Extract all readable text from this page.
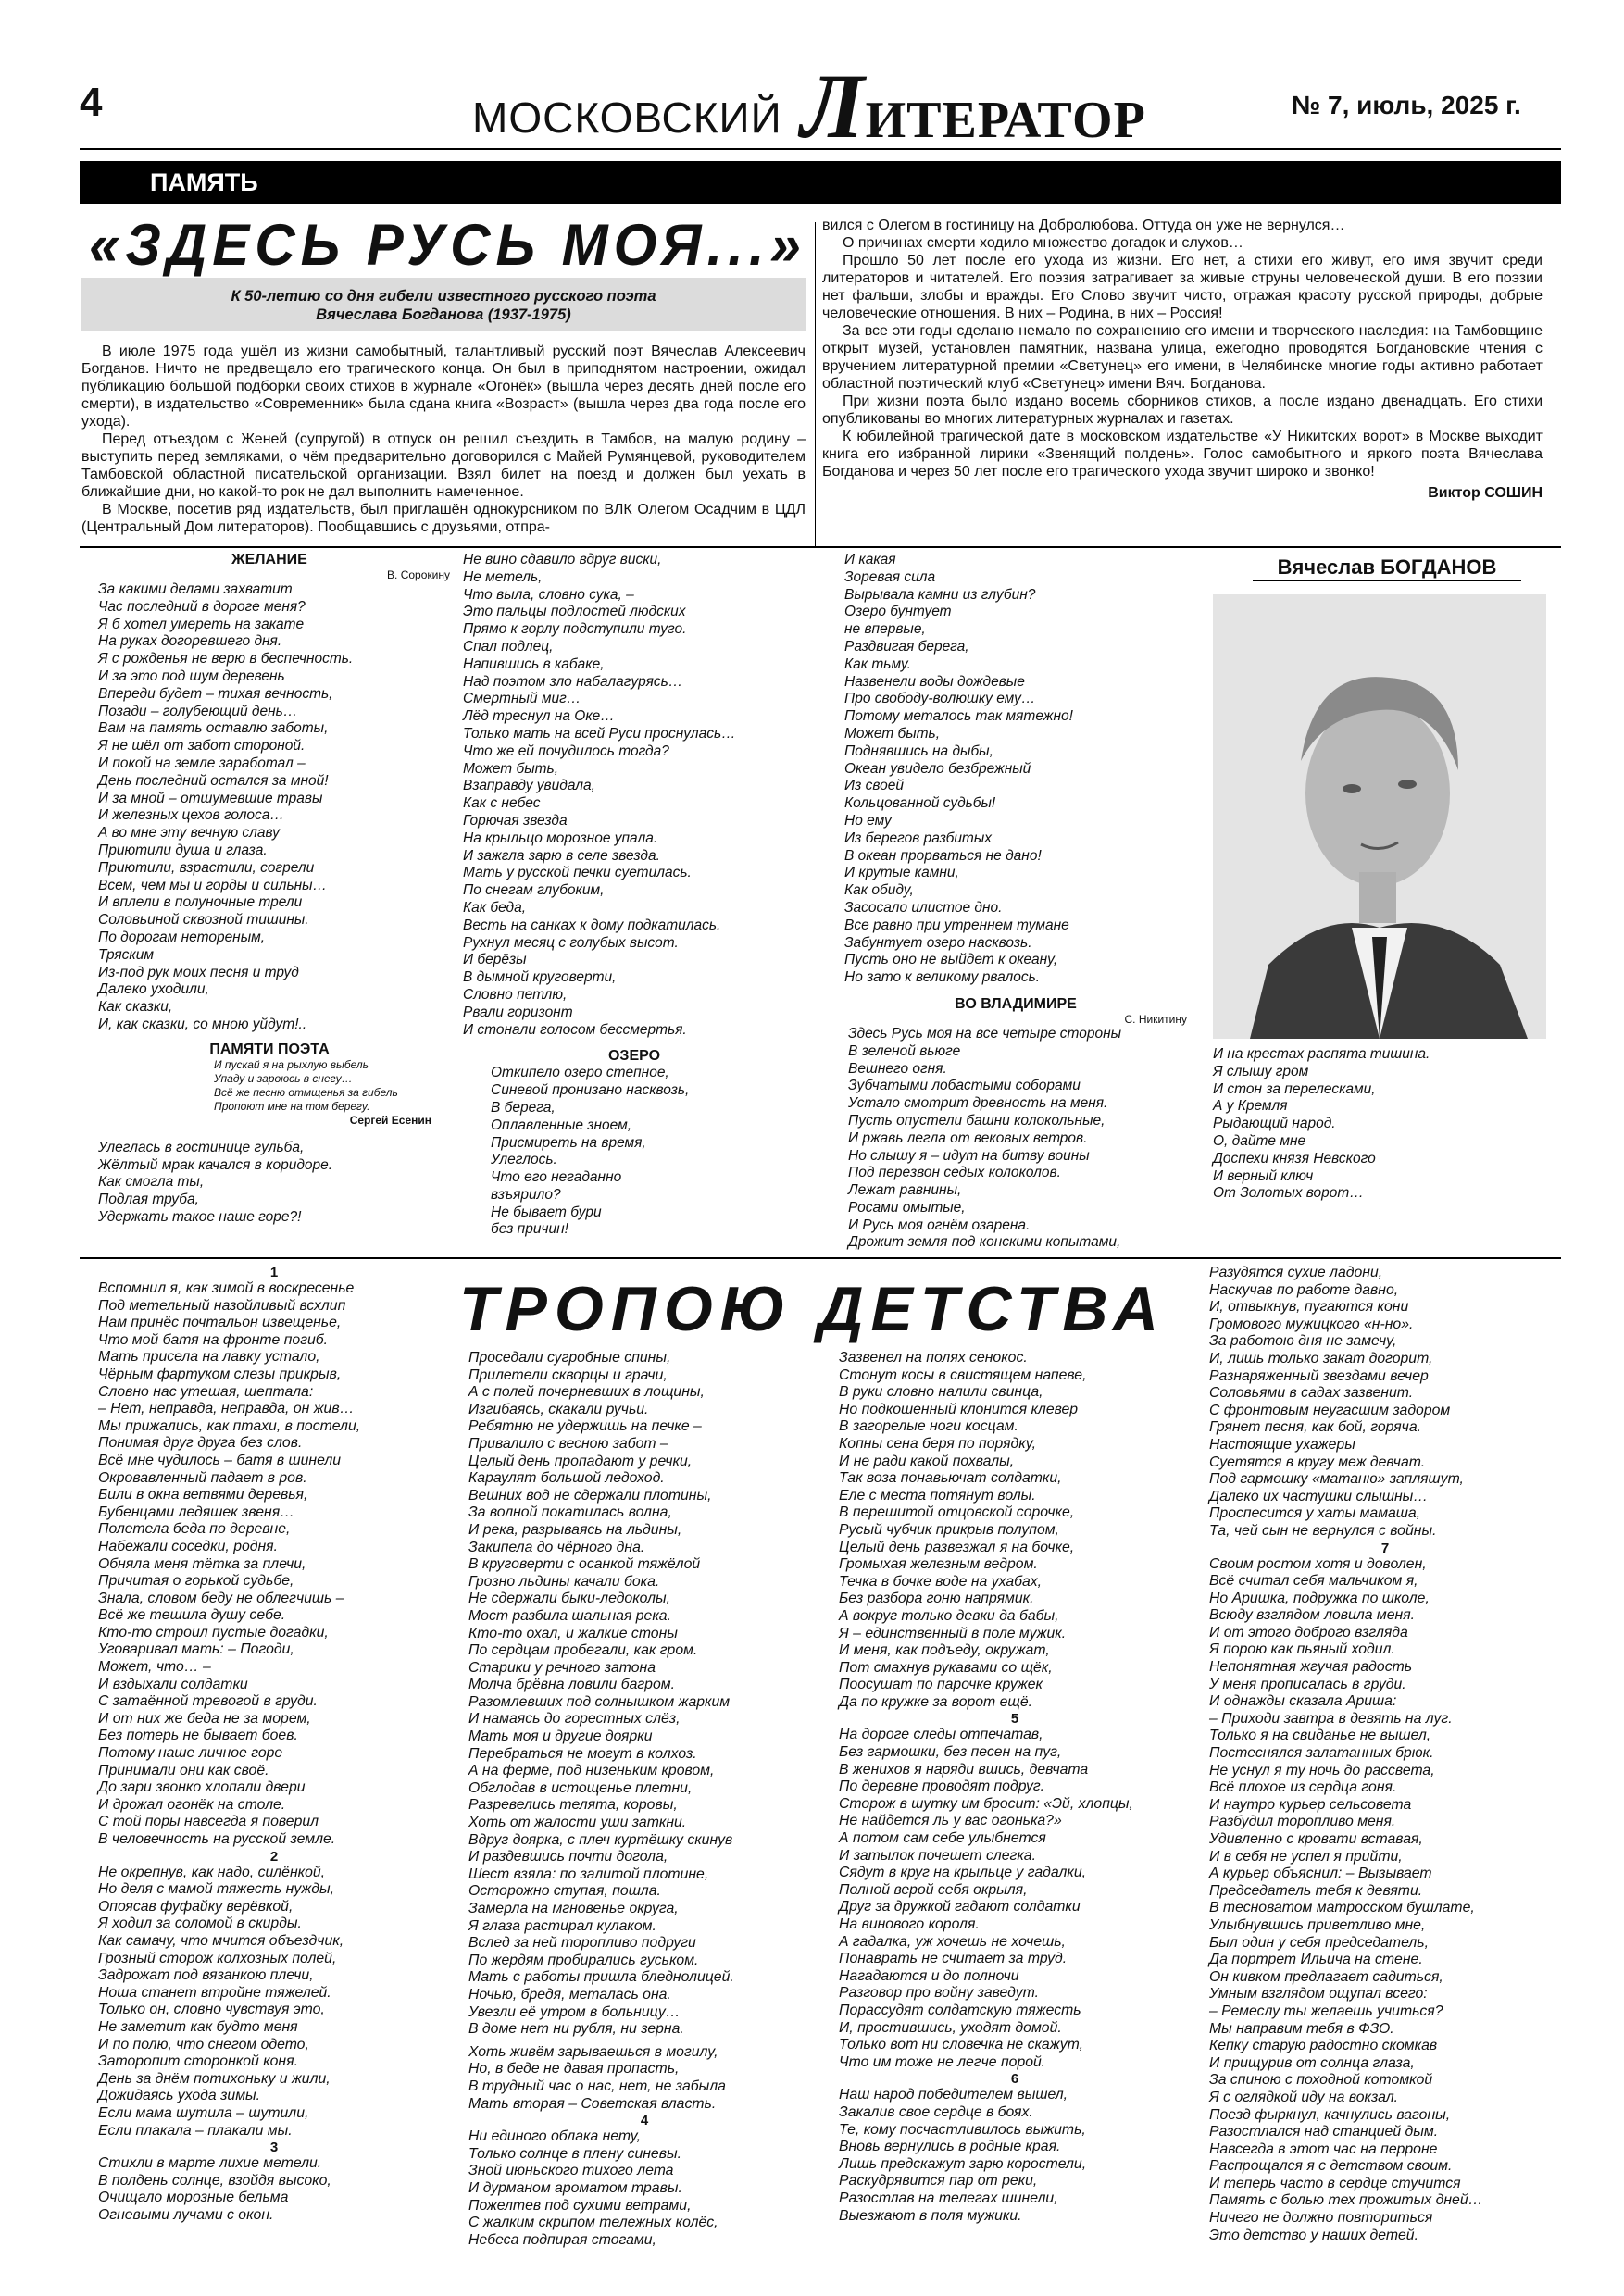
4	МОСКОВСКИЙ ЛИТЕРАТОР	№ 7, июль, 2025 г.
ПАМЯТЬ
«ЗДЕСЬ РУСЬ МОЯ...»
К 50-летию со дня гибели известного русского поэта
Вячеслава Богданова (1937-1975)

В июле 1975 года ушёл из жизни самобытный, талантливый русский поэт Вячеслав Алексеевич Богданов. Ничто не предвещало его трагического конца. Он был в приподнятом настроении, ожидал публикацию большой подборки своих стихов в журнале «Огонёк» (вышла через десять дней после его смерти), в издательство «Современник» была сдана книга «Возраст» (вышла через два года после его ухода).

Перед отъездом с Женей (супругой) в отпуск он решил съездить в Тамбов, на малую родину – выступить перед земляками, о чём предварительно договорился с Майей Румянцевой, руководителем Тамбовской областной писательской организации. Взял билет на поезд и должен был уехать в ближайшие дни, но какой-то рок не дал выполнить намеченное.

В Москве, посетив ряд издательств, был приглашён однокурсником по ВЛК Олегом Осадчим в ЦДЛ (Центральный Дом литераторов). Пообщавшись с друзьями, отпра-

вился с Олегом в гостиницу на Добролюбова. Оттуда он уже не вернулся…

О причинах смерти ходило множество догадок и слухов…

Прошло 50 лет после его ухода из жизни. Его нет, а стихи его живут, его имя звучит среди литераторов и читателей. Его поэзия затрагивает за живые струны человеческой души. В его поэзии нет фальши, злобы и вражды. Его Слово звучит чисто, отражая красоту русской природы, добрые человеческие отношения. В них – Родина, в них – Россия!

За все эти годы сделано немало по сохранению его имени и творческого наследия: на Тамбовщине открыт музей, установлен памятник, названа улица, ежегодно проводятся Богдановские чтения с вручением литературной премии «Светунец» его имени, в Челябинске многие годы активно работает областной поэтический клуб «Светунец» имени Вяч. Богданова.

При жизни поэта было издано восемь сборников стихов, а после издано двенадцать. Его стихи опубликованы во многих литературных журналах и газетах.

К юбилейной трагической дате в московском издательстве «У Никитских ворот» в Москве выходит книга его избранной лирики «Звенящий полдень». Голос самобытного и яркого поэта Вячеслава Богданова и через 50 лет после его трагического ухода звучит широко и звонко!

Виктор СОШИН
ЖЕЛАНИЕ
В. Сорокину
За какими делами захватит
Час последний в дороге меня?
Я б хотел умереть на закате
На руках догоревшего дня.
Я с рожденья не верю в беспечность.
И за это под шум деревень
Впереди будет – тихая вечность,
Позади – голубеющий день…
Вам на память оставлю заботы,
Я не шёл от забот стороной.
И покой на земле заработал –
День последний остался за мной!
И за мной – отшумевшие травы
И железных цехов голоса…
А во мне эту вечную славу
Приютили душа и глаза.
Приютили, взрастили, согрели
Всем, чем мы и горды и сильны…
И вплели в полуночные трели
Соловьиной сквозной тишины.
По дорогам нетореным,
Тряским
Из-под рук моих песня и труд
Далеко уходили,
Как сказки,
И, как сказки, со мною уйдут!..
ПАМЯТИ ПОЭТА
И пускай я на рыхлую выбель
Упаду и зароюсь в снегу…
Всё же песню отмщенья за гибель
Пропоют мне на том берегу.
Сергей Есенин
Улеглась в гостинице гульба,
Жёлтый мрак качался в коридоре.
Как смогла ты,
Подлая труба,
Удержать такое наше горе?!
Не вино сдавило вдруг виски,
Не метель,
Что выла, словно сука, –
Это пальцы подлостей людских
Прямо к горлу подступили туго.
Спал подлец,
Напившись в кабаке,
Над поэтом зло набалагурясь…
Смертный миг…
Лёд треснул на Оке…
Только мать на всей Руси проснулась…
Что же ей почудилось тогда?
Может быть,
Взаправду увидала,
Как с небес
Горючая звезда
На крыльцо морозное упала.
И зажгла зарю в селе звезда.
Мать у русской печки суетилась.
По снегам глубоким,
Как беда,
Весть на санках к дому подкатилась.
Рухнул месяц с голубых высот.
И берёзы
В дымной круговерти,
Словно петлю,
Рвали горизонт
И стонали голосом бессмертья.
ОЗЕРО
Откипело озеро степное,
Синевой пронизано насквозь,
В берега,
Оплавленные зноем,
Присмиреть на время,
Улеглось.
Что его негаданно
взъярило?
Не бывает бури
без причин!
И какая
Зоревая сила
Вырывала камни из глубин?
Озеро бунтует
не впервые,
Раздвигая берега,
Как тьму.
Назвенели воды дождевые
Про свободу-волюшку ему…
Потому металось так мятежно!
Может быть,
Поднявшись на дыбы,
Океан увидело безбрежный
Из своей
Кольцованной судьбы!
Но ему
Из берегов разбитых
В океан прорваться не дано!
И крутые камни,
Как обиду,
Засосало илистое дно.
Все равно при утреннем тумане
Забунтует озеро насквозь.
Пусть оно не выйдет к океану,
Но зато к великому рвалось.
ВО ВЛАДИМИРЕ
С. Никитину
Здесь Русь моя на все четыре стороны
В зеленой вьюге
Вешнего огня.
Зубчатыми лобастыми соборами
Устало смотрит древность на меня.
Пусть опустели башни колокольные,
И ржавь легла от вековых ветров.
Но слышу я – идут на битву воины
Под перезвон седых колоколов.
Лежат равнины,
Росами омытые,
И Русь моя огнём озарена.
Дрожит земля под конскими копытами,
Вячеслав БОГДАНОВ
И на крестах распята тишина.
Я слышу гром
И стон за перелесками,
А у Кремля
Рыдающий народ.
О, дайте мне
Доспехи князя Невского
И верный ключ
От Золотых ворот…
ТРОПОЮ ДЕТСТВА
1
Вспомнил я, как зимой в воскресенье
Под метельный назойливый всхлип
Нам принёс почтальон извещенье,
Что мой батя на фронте погиб.
Мать присела на лавку устало,
Чёрным фартуком слезы прикрыв,
Словно нас утешая, шептала:
– Нет, неправда, неправда, он жив…
Мы прижались, как птахи, в постели,
Понимая друг друга без слов.
Всё мне чудилось – батя в шинели
Окровавленный падает в ров.
Били в окна ветвями деревья,
Бубенцами ледяшек звеня…
Полетела беда по деревне,
Набежали соседки, родня.
Обняла меня тётка за плечи,
Причитая о горькой судьбе,
Знала, словом беду не облегчишь –
Всё же тешила душу себе.
Кто-то строил пустые догадки,
Уговаривал мать: – Погоди,
Может, что… –
И вздыхали солдатки
С затаённой тревогой в груди.
И от них же беда не за морем,
Без потерь не бывает боев.
Потому наше личное горе
Принимали они как своё.
До зари звонко хлопали двери
И дрожал огонёк на столе.
С той поры навсегда я поверил
В человечность на русской земле.
2
Не окрепнув, как надо, силёнкой,
Но деля с мамой тяжесть нужды,
Опоясав фуфайку верёвкой,
Я ходил за соломой в скирды.
Как самачу, что мчится объездчик,
Грозный сторож колхозных полей,
Задрожат под вязанкою плечи,
Ноша станет втройне тяжелей.
Только он, словно чувствуя это,
Не заметит как будто меня
И по полю, что снегом одето,
Заторопит сторонкой коня.
День за днём потихоньку и жили,
Дожидаясь ухода зимы.
Если мама шутила – шутили,
Если плакала – плакали мы.
3
Стихли в марте лихие метели.
В полдень солнце, взойдя высоко,
Очищало морозные бельма
Огневыми лучами с окон.
Проседали сугробные спины,
Прилетели скворцы и грачи,
А с полей почерневших в лощины,
Изгибаясь, скакали ручьи.
Ребятню не удержишь на печке –
Привалило с весною забот –
Целый день пропадают у речки,
Караулят большой ледоход.
Вешних вод не сдержали плотины,
За волной покатилась волна,
И река, разрываясь на льдины,
Закипела до чёрного дна.
В круговерти с осанкой тяжёлой
Грозно льдины качали бока.
Не сдержали быки-ледоколы,
Мост разбила шальная река.
Кто-то охал, и жалкие стоны
По сердцам пробегали, как гром.
Старики у речного затона
Молча брёвна ловили багром.
Разомлевших под солнышком жарким
И намаясь до горестных слёз,
Мать моя и другие доярки
Перебраться не могут в колхоз.
А на ферме, под низеньким кровом,
Обглодав в истощенье плетни,
Разревелись телята, коровы,
Хоть от жалости уши заткни.
Вдруг доярка, с плеч куртёшку скинув
И раздевшись почти догола,
Шест взяла: по залитой плотине,
Осторожно ступая, пошла.
Замерла на мгновенье округа,
Я глаза растирал кулаком.
Вслед за ней торопливо подруги
По жердям пробирались гуськом.
Мать с работы пришла бледнолицей.
Ночью, бредя, металась она.
Увезли её утром в больницу…
В доме нет ни рубля, ни зерна.
Хоть живём зарываешься в могилу,
Но, в беде не давая пропасть,
В трудный час о нас, нет, не забыла
Мать вторая – Советская власть.
4
Ни единого облака нету,
Только солнце в плену синевы.
Зной июньского тихого лета
И дурманом ароматом травы.
Пожелтев под сухими ветрами,
С жалким скрипом тележных колёс,
Небеса подпирая стогами,
Зазвенел на полях сенокос.
Стонут косы в свистящем напеве,
В руки словно налили свинца,
Но подкошенный клонится клевер
В загорелые ноги косцам.
Копны сена беря по порядку,
И не ради какой похвалы,
Так воза понавьючат солдатки,
Еле с места потянут волы.
В перешитой отцовской сорочке,
Русый чубчик прикрыв полупом,
Целый день развезжал я на бочке,
Громыхая железным ведром.
Течка в бочке воде на ухабах,
Без разбора гоню напрямик.
А вокруг только девки да бабы,
Я – единственный в поле мужик.
И меня, как подъеду, окружат,
Пот смахнув рукавами со щёк,
Поосушат по парочке кружек
Да по кружке за ворот ещё.
5
На дороге следы отпечатав,
Без гармошки, без песен на пуг,
В женихов я наряди вшись, девчата
По деревне проводят подруг.
Сторож в шутку им бросит: «Эй, хлопцы,
Не найдется ль у вас огонька?»
А потом сам себе улыбнется
И затылок почешет слегка.
Сядут в круг на крыльце у гадалки,
Полной верой себя окрыля,
Друг за дружкой гадают солдатки
На винового короля.
А гадалка, уж хочешь не хочешь,
Понаврать не считает за труд.
Нагадаются и до полночи
Разговор про войну заведут.
Порассудят солдатскую тяжесть
И, простившись, уходят домой.
Только вот ни словечка не скажут,
Что им тоже не легче порой.
6
Наш народ победителем вышел,
Закалив свое сердце в боях.
Те, кому посчастливилось выжить,
Вновь вернулись в родные края.
Лишь предскажут зарю коростели,
Раскудрявится пар от реки,
Разостлав на телегах шинели,
Выезжают в поля мужики.
Разудятся сухие ладони,
Наскучав по работе давно,
И, отвыкнув, пугаются кони
Громового мужицкого «н-но».
За работою дня не замечу,
И, лишь только закат догорит,
Разнаряженный звездами вечер
Соловьями в садах зазвенит.
С фронтовым неугасшим задором
Грянет песня, как бой, горяча.
Настоящие ухажеры
Суетятся в кругу меж девчат.
Под гармошку «матаню» запляшут,
Далеко их частушки слышны…
Проспесится у хаты мамаша,
Та, чей сын не вернулся с войны.
7
Своим ростом хотя и доволен,
Всё считал себя мальчиком я,
Но Аришка, подружка по школе,
Всюду взглядом ловила меня.
И от этого доброго взгляда
Я порою как пьяный ходил.
Непонятная жгучая радость
У меня прописалась в груди.
И однажды сказала Ариша:
– Приходи завтра в девять на луг.
Только я на свиданье не вышел,
Постеснялся залатанных брюк.
Не уснул я ту ночь до рассвета,
Всё плохое из сердца гоня.
И наутро курьер сельсовета
Разбудил торопливо меня.
Удивленно с кровати вставая,
И в себя не успел я прийти,
А курьер объяснил: – Вызывает
Председатель тебя к девяти.
В тесноватом матросском бушлате,
Улыбнувшись приветливо мне,
Был один у себя председатель,
Да портрет Ильича на стене.
Он кивком предлагает садиться,
Умным взглядом ощупал всего:
– Ремеслу ты желаешь учиться?
Мы направим тебя в ФЗО.
Кепку старую радостно скомкав
И прищурив от солнца глаза,
За спиною с походной котомкой
Я с оглядкой иду на вокзал.
Поезд фыркнул, качнулись вагоны,
Разостлался над станцией дым.
Навсегда в этот час на перроне
Распрощался я с детством своим.
И теперь часто в сердце стучится
Память с болью тех прожитых дней…
Ничего не должно повториться
Это детство у наших детей.
